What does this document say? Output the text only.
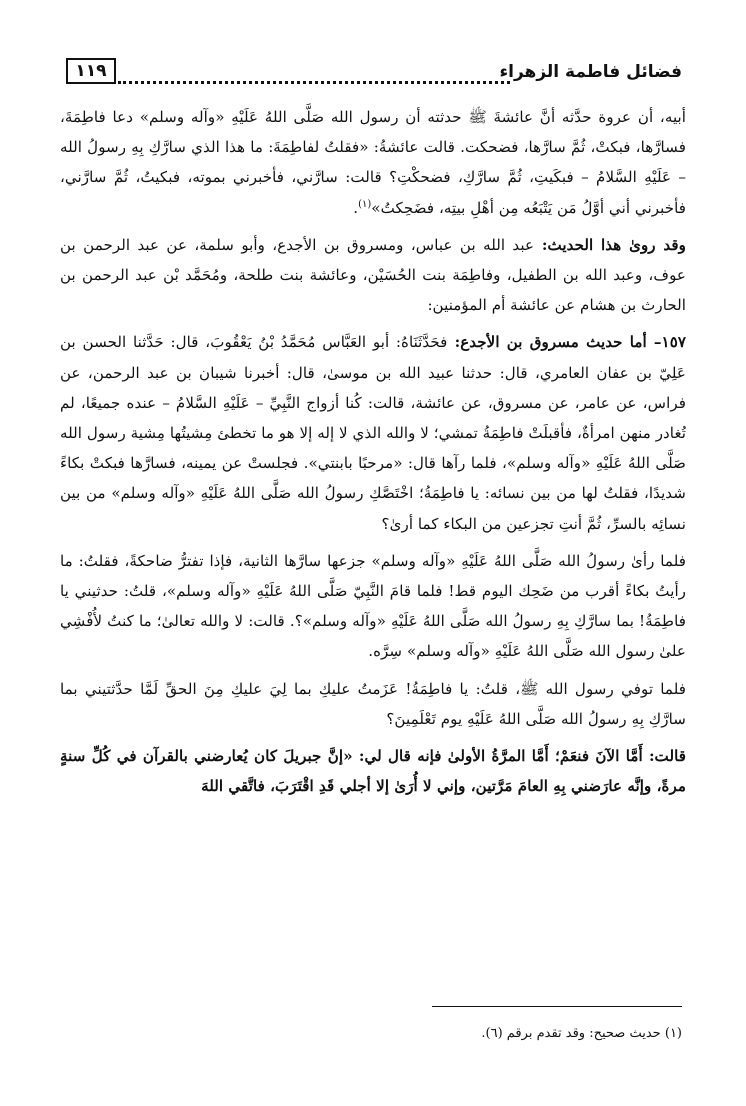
١١٩	فضائل فاطمة الزهراء

أبيه، أن عروة حدَّثه أنَّ عائشةَ ﷺ حدثته أن رسول الله صَلَّى اللهُ عَلَيْهِ «وآله وسلم» دعا فاطِمَةَ، فسارَّها، فبكتْ، ثُمَّ سارَّها، فضحكت. قالت عائشةُ: «فقلتُ لفاطِمَةَ: ما هذا الذي سارَّكِ بِهِ رسولُ الله – عَلَيْهِ السَّلامُ – فبكَيتِ، ثُمَّ سارَّكِ، فضحكْتِ؟ قالت: سارَّني، فأخبرني بموته، فبكيتُ، ثُمَّ سارَّني، فأخبرني أني أوَّلُ مَن يَتْبَعُه مِن أهْلِ بيتِه، فضَحِكتُ»$^{(١)}$.

وقد روىٰ هذا الحديث: عبد الله بن عباس، ومسروق بن الأجدع، وأبو سلمة، عن عبد الرحمن بن عوف، وعبد الله بن الطفيل، وفاطِمَة بنت الحُسَيْن، وعائشة بنت طلحة، ومُحَمَّد بْن عبد الرحمن بن الحارث بن هشام عن عائشة أم المؤمنين:

١٥٧– أما حديث مسروق بن الأجدع: فحَدَّثَنَاهُ: أبو العَبَّاس مُحَمَّدُ بْنُ يَعْقُوبَ، قال: حَدَّثنا الحسن بن عَلِيّ بن عفان العامري، قال: حدثنا عبيد الله بن موسىٰ، قال: أخبرنا شيبان بن عبد الرحمن، عن فراس، عن عامر، عن مسروق، عن عائشة، قالت: كُنا أزواج النَّبِيِّ – عَلَيْهِ السَّلامُ – عنده جميعًا، لم تُغادر منهن امرأةٌ، فأقبلَتْ فاطِمَةُ تمشي؛ لا والله الذي لا إله إلا هو ما تخطئ مِشيتُها مِشية رسول الله صَلَّى اللهُ عَلَيْهِ «وآله وسلم»، فلما رآها قال: «مرحبًا بابنتي». فجلستْ عن يمينه، فسارَّها فبكتْ بكاءً شديدًا، فقلتُ لها من بين نسائه: يا فاطِمَةُ؛ اخْتَصَّكِ رسولُ الله صَلَّى اللهُ عَلَيْهِ «وآله وسلم» من بين نسائِه بالسرِّ، ثُمَّ أنتِ تجزعين من البكاء كما أرىٰ؟

فلما رأىٰ رسولُ الله صَلَّى اللهُ عَلَيْهِ «وآله وسلم» جزعها سارَّها الثانية، فإذا تفترُّ ضاحكةً، فقلتُ: ما رأيتُ بكاءً أقرب من ضَحِك اليوم قط! فلما قامَ النَّبِيّ صَلَّى اللهُ عَلَيْهِ «وآله وسلم»، قلتُ: حدثيني يا فاطِمَةُ! بما سارَّكِ بِهِ رسولُ الله صَلَّى اللهُ عَلَيْهِ «وآله وسلم»؟. قالت: لا والله تعالىٰ؛ ما كنتُ لأُفْشِي علىٰ رسول الله صَلَّى اللهُ عَلَيْهِ «وآله وسلم» سِرَّه.

فلما توفي رسول الله ﷺ، قلتُ: يا فاطِمَةُ! عَزَمتُ عليكِ بما لِيَ عليكِ مِنَ الحقِّ لَمَّا حدَّثتيني بما سارَّكِ بِهِ رسولُ الله صَلَّى اللهُ عَلَيْهِ يوم تَعْلَمِينَ؟

قالت: أَمَّا الآنَ فنعَمْ؛ أَمَّا المرَّةُ الأولىٰ فإنه قال لي: «إنَّ جبريلَ كان يُعارضني بالقرآن في كُلِّ سنةٍ مرةً، وإنَّه عارَضني بِهِ العامَ مَرَّتين، وإني لا أُرَىٰ إلا أجلي قَدِ اقْتَرَبَ، فاتَّقي اللهَ

(١) حديث صحيح: وقد تقدم برقم (٦).
